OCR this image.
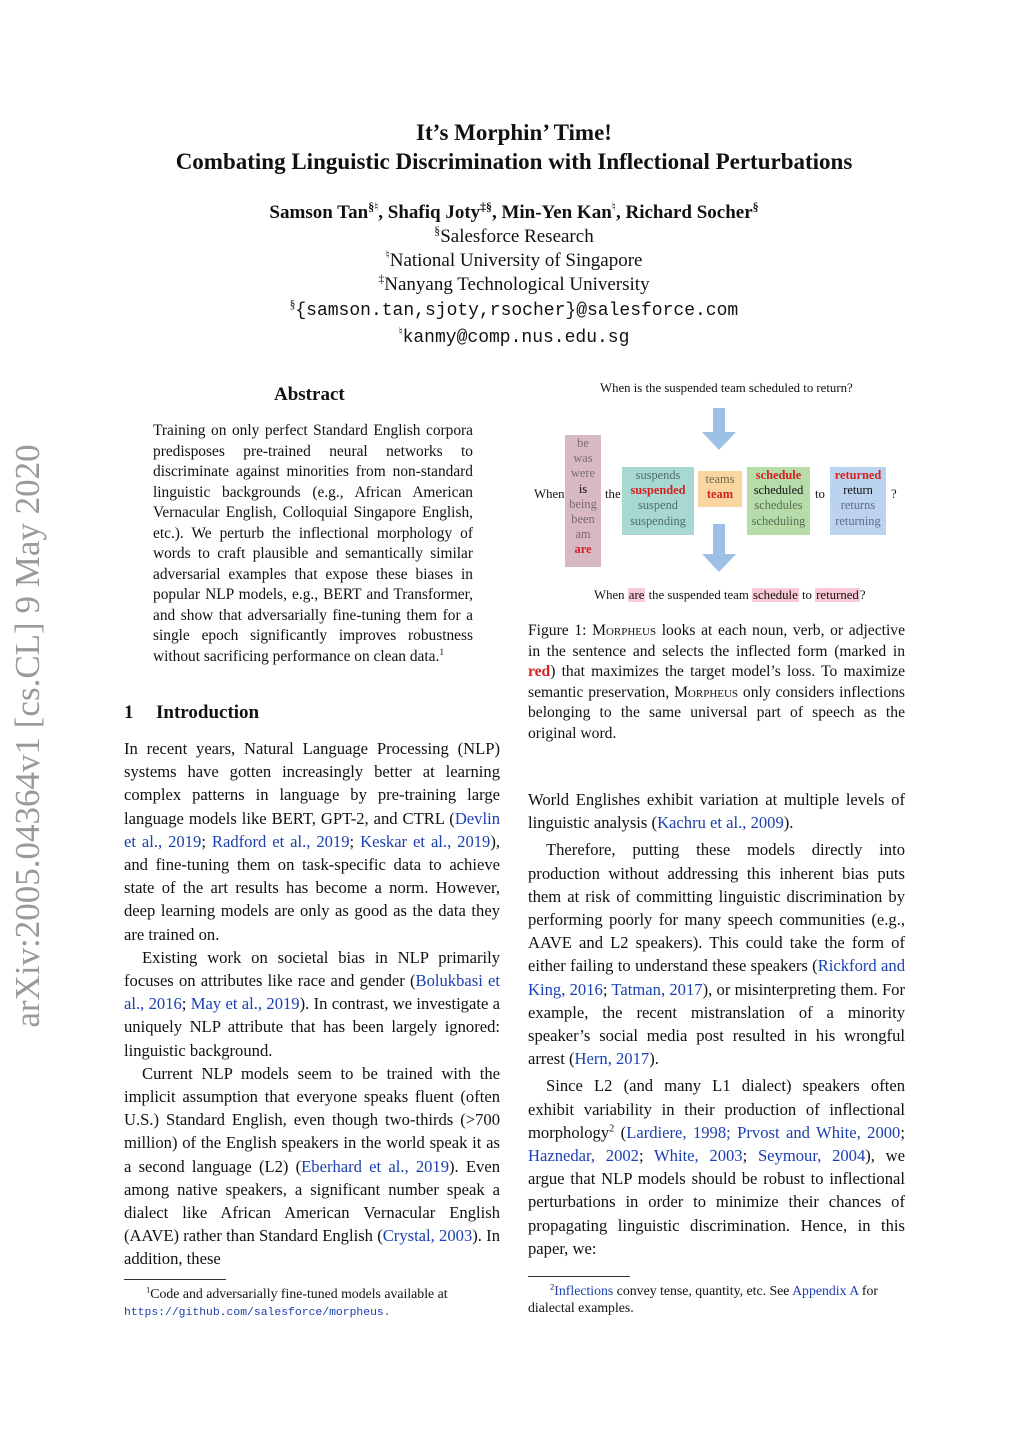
arXiv:2005.04364v1 [cs.CL] 9 May 2020
It’s Morphin’ Time!
Combating Linguistic Discrimination with Inflectional Perturbations
Samson Tan§♮, Shafiq Joty‡§, Min-Yen Kan♮, Richard Socher§
§Salesforce Research
♮National University of Singapore
‡Nanyang Technological University
§{samson.tan,sjoty,rsocher}@salesforce.com
♮kanmy@comp.nus.edu.sg
Abstract
Training on only perfect Standard English corpora predisposes pre-trained neural networks to discriminate against minorities from non-standard linguistic backgrounds (e.g., African American Vernacular English, Colloquial Singapore English, etc.). We perturb the inflectional morphology of words to craft plausible and semantically similar adversarial examples that expose these biases in popular NLP models, e.g., BERT and Transformer, and show that adversarially fine-tuning them for a single epoch significantly improves robustness without sacrificing performance on clean data.$^1$
1 Introduction

In recent years, Natural Language Processing (NLP) systems have gotten increasingly better at learning complex patterns in language by pre-training large language models like BERT, GPT-2, and CTRL (Devlin et al., 2019; Radford et al., 2019; Keskar et al., 2019), and fine-tuning them on task-specific data to achieve state of the art results has become a norm. However, deep learning models are only as good as the data they are trained on.

Existing work on societal bias in NLP primarily focuses on attributes like race and gender (Bolukbasi et al., 2016; May et al., 2019). In contrast, we investigate a uniquely NLP attribute that has been largely ignored: linguistic background.

Current NLP models seem to be trained with the implicit assumption that everyone speaks fluent (often U.S.) Standard English, even though two-thirds (>700 million) of the English speakers in the world speak it as a second language (L2) (Eberhard et al., 2019). Even among native speakers, a significant number speak a dialect like African American Vernacular English (AAVE) rather than Standard English (Crystal, 2003). In addition, these

$^1$Code and adversarially fine-tuned models available at
https://github.com/salesforce/morpheus.
When is the suspended team scheduled to return?
When	the	to	?
be
was
were
is
being
been
am
are
suspends
suspended
suspend
suspending
teams
team
schedule
scheduled
schedules
scheduling
returned
return
returns
returning
When are the suspended team schedule to returned?
Figure 1: Morpheus looks at each noun, verb, or adjective in the sentence and selects the inflected form (marked in red) that maximizes the target model’s loss. To maximize semantic preservation, Morpheus only considers inflections belonging to the same universal part of speech as the original word.

World Englishes exhibit variation at multiple levels of linguistic analysis (Kachru et al., 2009).

Therefore, putting these models directly into production without addressing this inherent bias puts them at risk of committing linguistic discrimination by performing poorly for many speech communities (e.g., AAVE and L2 speakers). This could take the form of either failing to understand these speakers (Rickford and King, 2016; Tatman, 2017), or misinterpreting them. For example, the recent mistranslation of a minority speaker’s social media post resulted in his wrongful arrest (Hern, 2017).

Since L2 (and many L1 dialect) speakers often exhibit variability in their production of inflectional morphology$^2$ (Lardiere, 1998; Prvost and White, 2000; Haznedar, 2002; White, 2003; Seymour, 2004), we argue that NLP models should be robust to inflectional perturbations in order to minimize their chances of propagating linguistic discrimination. Hence, in this paper, we:

$^2$Inflections convey tense, quantity, etc. See Appendix A for dialectal examples.
